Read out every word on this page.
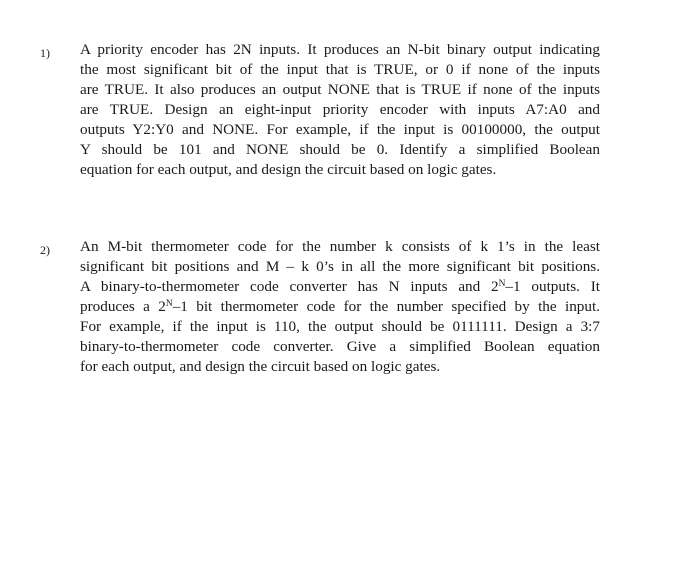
1) A priority encoder has 2N inputs. It produces an N-bit binary output indicating
the most significant bit of the input that is TRUE, or 0 if none of the inputs
are TRUE. It also produces an output NONE that is TRUE if none of the inputs
are TRUE. Design an eight-input priority encoder with inputs A7:A0 and
outputs Y2:Y0 and NONE. For example, if the input is 00100000, the output
Y should be 101 and NONE should be 0. Identify a simplified Boolean
equation for each output, and design the circuit based on logic gates.
2) An M-bit thermometer code for the number k consists of k 1’s in the least
significant bit positions and M – k 0’s in all the more significant bit positions.
A binary-to-thermometer code converter has N inputs and $2^N-1$ outputs. It
produces a $2^N-1$ bit thermometer code for the number specified by the input.
For example, if the input is 110, the output should be 0111111. Design a 3:7
binary-to-thermometer code converter. Give a simplified Boolean equation
for each output, and design the circuit based on logic gates.
